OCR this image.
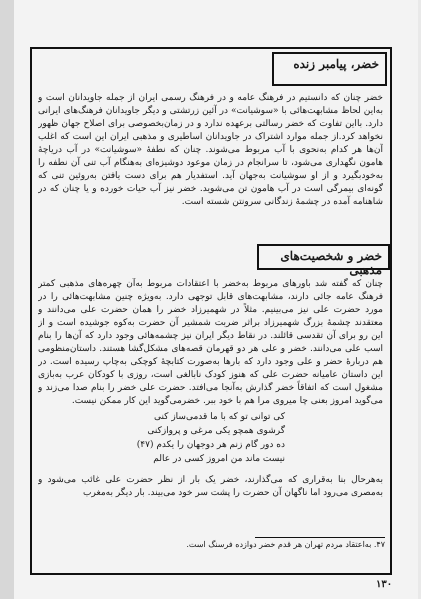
خضر، پیامبر زنده
خضر چنان که دانستیم در فرهنگ عامه و در فرهنگ رسمی ایران از جمله جاویدانان است و به‌این لحاظ مشابهت‌هائی با «سوشیانت» در آئین زرتشتی و دیگر جاویدانان فرهنگ‌های ایرانی دارد. بااین تفاوت که خضر رسالتی برعهده ندارد و در زمان‌بخصوصی برای اصلاح جهان ظهور نخواهد کرد.از جمله موارد اشتراک در جاویدانان اساطیری و مذهبی ایران این است که اغلب آن‌ها هر کدام به‌نحوی با آب مربوط می‌شوند. چنان که نطفهٔ «سوشیانت» در آب دریاچهٔ هامون نگهداری می‌شود، تا سرانجام در زمان موعود دوشیزه‌ای به‌هنگام آب تنی آن نطفه را به‌خودبگیرد و از او سوشیانت به‌جهان آید. استفدیار هم برای دست یافتن به‌روئین تنی که گونه‌ای بیمرگی است در آب هامون تن می‌شوید. خضر نیز آب حیات خورده و یا چنان که در شاهنامه آمده در چشمهٔ زندگانی سرونتن شسته است.
خضر و شخصیت‌های مذهبی
چنان که گفته شد باورهای مربوط به‌خضر با اعتقادات مربوط به‌آن چهره‌های مذهبی کمتر فرهنگ عامه جائی دارند، مشابهت‌های قابل توجهی دارد. به‌ویژه چنین مشابهت‌هائی را در مورد حضرت علی نیز می‌بینیم. مثلاً در شهمیرزاد خضر را همان حضرت علی می‌دانند و معتقدند چشمهٔ بزرگ شهمیرزاد براثر ضربت شمشیر آن حضرت به‌کوه جوشیده است و از این رو برای آن تقدسی قائلند. در نقاط دیگر ایران نیز چشمه‌هائی وجود دارد که آن‌ها را بنام اسب علی می‌دانند. خضر و علی هر دو قهرمان قصه‌های مشکل‌گشا هستند. داستان‌منظومی هم دربارهٔ حضر و علی وجود دارد که بارها به‌صورت کتابچهٔ کوچکی به‌چاپ رسیده است. در این داستان عامیانه حضرت علی که هنوز کودک نابالغی است، روزی با کودکان عرب به‌بازی مشغول است که اتفاقاً خضر گذارش به‌آنجا می‌افتد. حضرت علی خضر را بنام صدا می‌زند و می‌گوید امروز بعنی چا میروی مرا هم با خود ببر. خضرمی‌گوید این کار ممکن نیست.
کی توانی تو که با ما قدمی‌ساز کنی
گرشوی همچو یکی مرغی و پروازکنی
ده دور گام زنم هر دوجهان را یکدم (۴۷)
نیست ماند من امروز کسی در عالم
به‌هرحال بنا به‌قراری که می‌گذارند، خضر یک بار از نظر حضرت علی غائب می‌شود و به‌مصری می‌رود اما ناگهان آن حضرت را پشت سر خود می‌بیند. بار دیگر به‌مغرب
۴۷. به‌اعتقاد مردم تهران هر قدم خضر دوازده فرسنگ است.
۱۳۰
